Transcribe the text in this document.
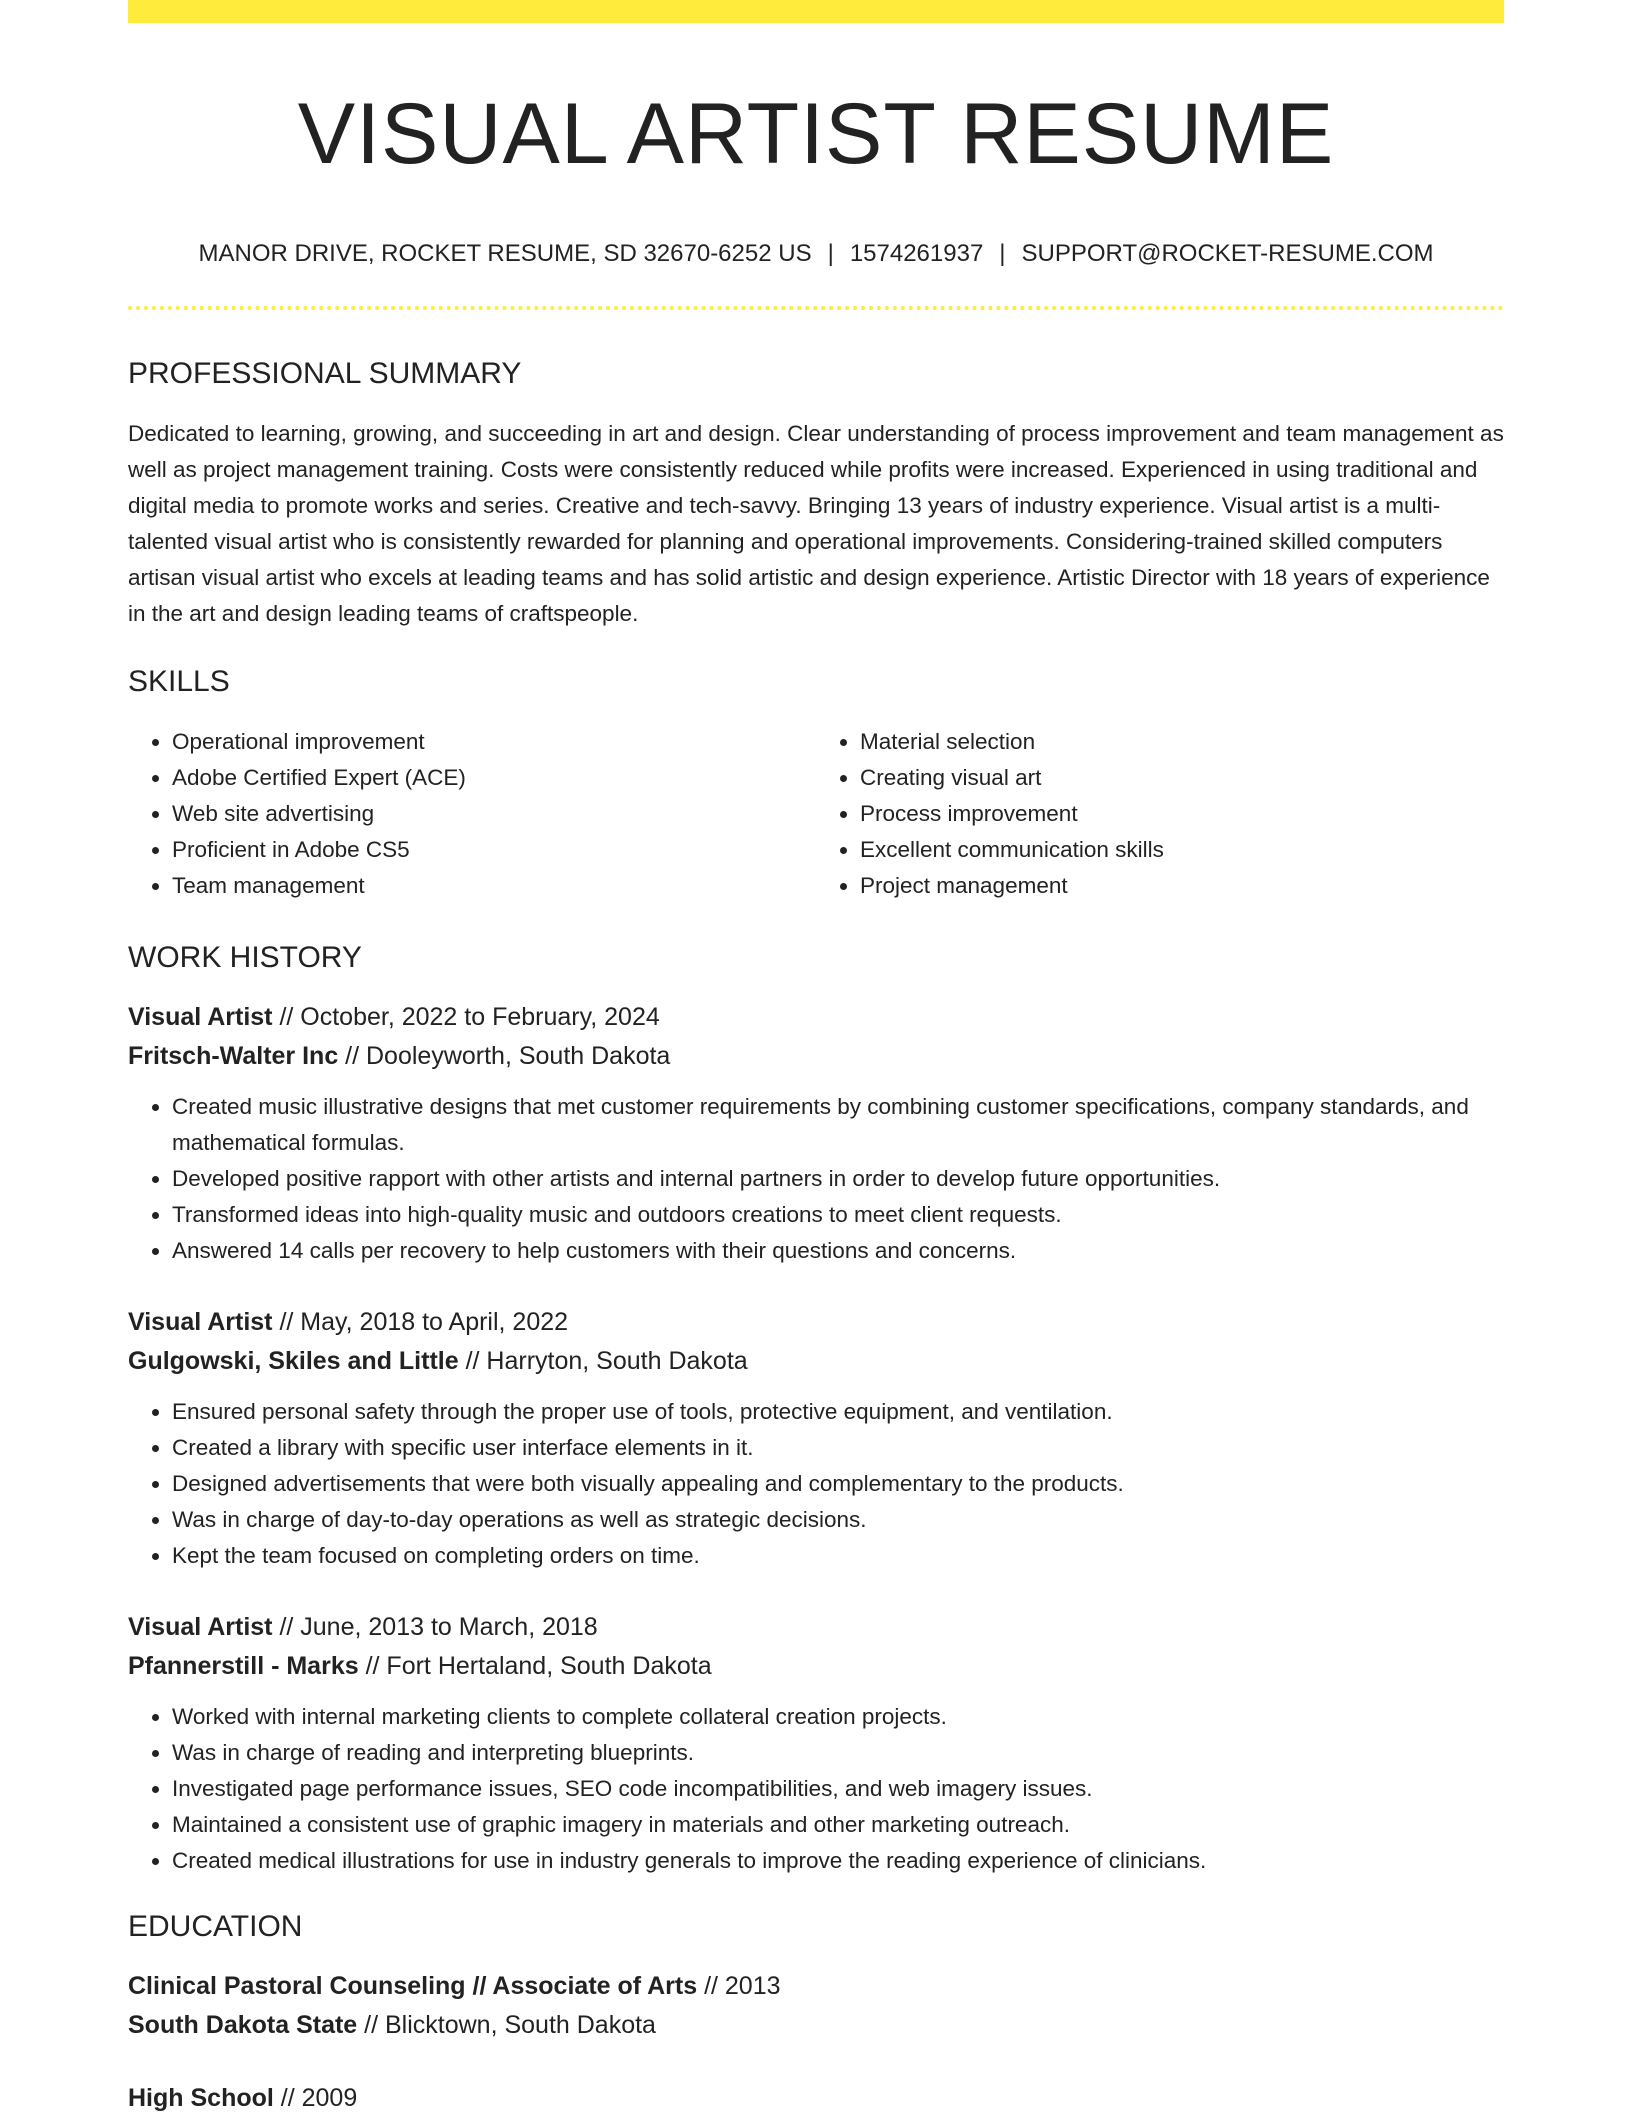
VISUAL ARTIST RESUME
MANOR DRIVE, ROCKET RESUME, SD 32670-6252 US | 1574261937 | SUPPORT@ROCKET-RESUME.COM
PROFESSIONAL SUMMARY
Dedicated to learning, growing, and succeeding in art and design. Clear understanding of process improvement and team management as well as project management training. Costs were consistently reduced while profits were increased. Experienced in using traditional and digital media to promote works and series. Creative and tech-savvy. Bringing 13 years of industry experience. Visual artist is a multi-talented visual artist who is consistently rewarded for planning and operational improvements. Considering-trained skilled computers artisan visual artist who excels at leading teams and has solid artistic and design experience. Artistic Director with 18 years of experience in the art and design leading teams of craftspeople.
SKILLS
• Operational improvement
• Adobe Certified Expert (ACE)
• Web site advertising
• Proficient in Adobe CS5
• Team management
• Material selection
• Creating visual art
• Process improvement
• Excellent communication skills
• Project management
WORK HISTORY
Visual Artist // October, 2022 to February, 2024
Fritsch-Walter Inc // Dooleyworth, South Dakota
• Created music illustrative designs that met customer requirements by combining customer specifications, company standards, and mathematical formulas.
• Developed positive rapport with other artists and internal partners in order to develop future opportunities.
• Transformed ideas into high-quality music and outdoors creations to meet client requests.
• Answered 14 calls per recovery to help customers with their questions and concerns.
Visual Artist // May, 2018 to April, 2022
Gulgowski, Skiles and Little // Harryton, South Dakota
• Ensured personal safety through the proper use of tools, protective equipment, and ventilation.
• Created a library with specific user interface elements in it.
• Designed advertisements that were both visually appealing and complementary to the products.
• Was in charge of day-to-day operations as well as strategic decisions.
• Kept the team focused on completing orders on time.
Visual Artist // June, 2013 to March, 2018
Pfannerstill - Marks // Fort Hertaland, South Dakota
• Worked with internal marketing clients to complete collateral creation projects.
• Was in charge of reading and interpreting blueprints.
• Investigated page performance issues, SEO code incompatibilities, and web imagery issues.
• Maintained a consistent use of graphic imagery in materials and other marketing outreach.
• Created medical illustrations for use in industry generals to improve the reading experience of clinicians.
EDUCATION
Clinical Pastoral Counseling // Associate of Arts // 2013
South Dakota State // Blicktown, South Dakota
High School // 2009
